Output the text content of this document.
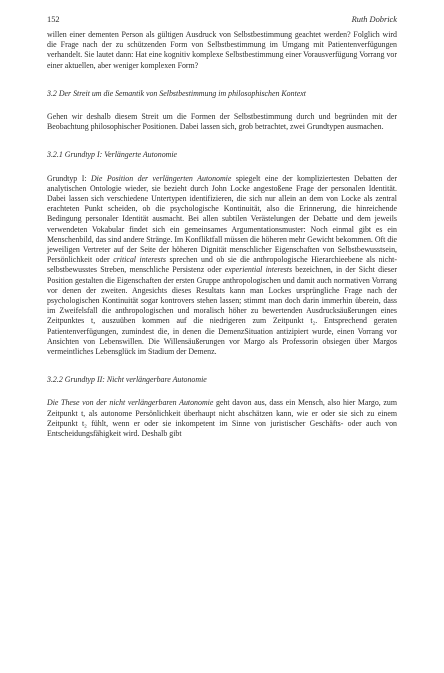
152	Ruth Dobrick

willen einer dementen Person als gültigen Ausdruck von Selbstbestimmung geachtet werden? Folglich wird die Frage nach der zu schützenden Form von Selbstbestimmung im Umgang mit Patientenverfügungen verhandelt. Sie lautet dann: Hat eine kognitiv komplexe Selbstbestimmung einer Vorausverfügung Vorrang vor einer aktuellen, aber weniger komplexen Form?

3.2 Der Streit um die Semantik von Selbstbestimmung im philosophischen Kontext

Gehen wir deshalb diesem Streit um die Formen der Selbstbestimmung durch und begründen mit der Beobachtung philosophischer Positionen. Dabei lassen sich, grob betrachtet, zwei Grundtypen ausmachen.

3.2.1 Grundtyp I: Verlängerte Autonomie

Grundtyp I: Die Position der verlängerten Autonomie spiegelt eine der kompliziertesten Debatten der analytischen Ontologie wieder, sie bezieht durch John Locke angestoßene Frage der personalen Identität. Dabei lassen sich verschiedene Untertypen identifizieren, die sich nur allein an dem von Locke als zentral erachteten Punkt scheiden, ob die psychologische Kontinuität, also die Erinnerung, die hinreichende Bedingung personaler Identität ausmacht. Bei allen subtilen Verästelungen der Debatte und dem jeweils verwendeten Vokabular findet sich ein gemeinsames Argumentationsmuster: Noch einmal gibt es ein Menschenbild, das sind andere Stränge. Im Konfliktfall müssen die höheren mehr Gewicht bekommen. Oft die jeweiligen Vertreter auf der Seite der höheren Dignität menschlicher Eigenschaften von Selbstbewusstsein, Persönlichkeit oder critical interests sprechen und ob sie die anthropologische Hierarchieebene als nicht-selbstbewusstes Streben, menschliche Persistenz oder experiential interests bezeichnen, in der Sicht dieser Position gestalten die Eigenschaften der ersten Gruppe anthropologischen und damit auch normativen Vorrang vor denen der zweiten. Angesichts dieses Resultats kann man Lockes ursprüngliche Frage nach der psychologischen Kontinuität sogar kontrovers stehen lassen; stimmt man doch darin immerhin überein, dass im Zweifelsfall die anthropologischen und moralisch höher zu bewertenden Ausdrucksäußerungen eines Zeitpunktes t, auszuüben kommen auf die niedrigeren zum Zeitpunkt t₂. Entsprechend geraten Patientenverfügungen, zumindest die, in denen die DemenzSituation antizipiert wurde, einen Vorrang vor Ansichten von Lebenswillen. Die Willensäußerungen vor Margo als Professorin obsiegen über Margos vermeintliches Lebensglück im Stadium der Demenz.

3.2.2 Grundtyp II: Nicht verlängerbare Autonomie

Die These von der nicht verlängerbaren Autonomie geht davon aus, dass ein Mensch, also hier Margo, zum Zeitpunkt t, als autonome Persönlichkeit überhaupt nicht abschätzen kann, wie er oder sie sich zu einem Zeitpunkt t₂ fühlt, wenn er oder sie inkompetent im Sinne von juristischer Geschäfts- oder auch von Entscheidungsfähigkeit wird. Deshalb gibt
